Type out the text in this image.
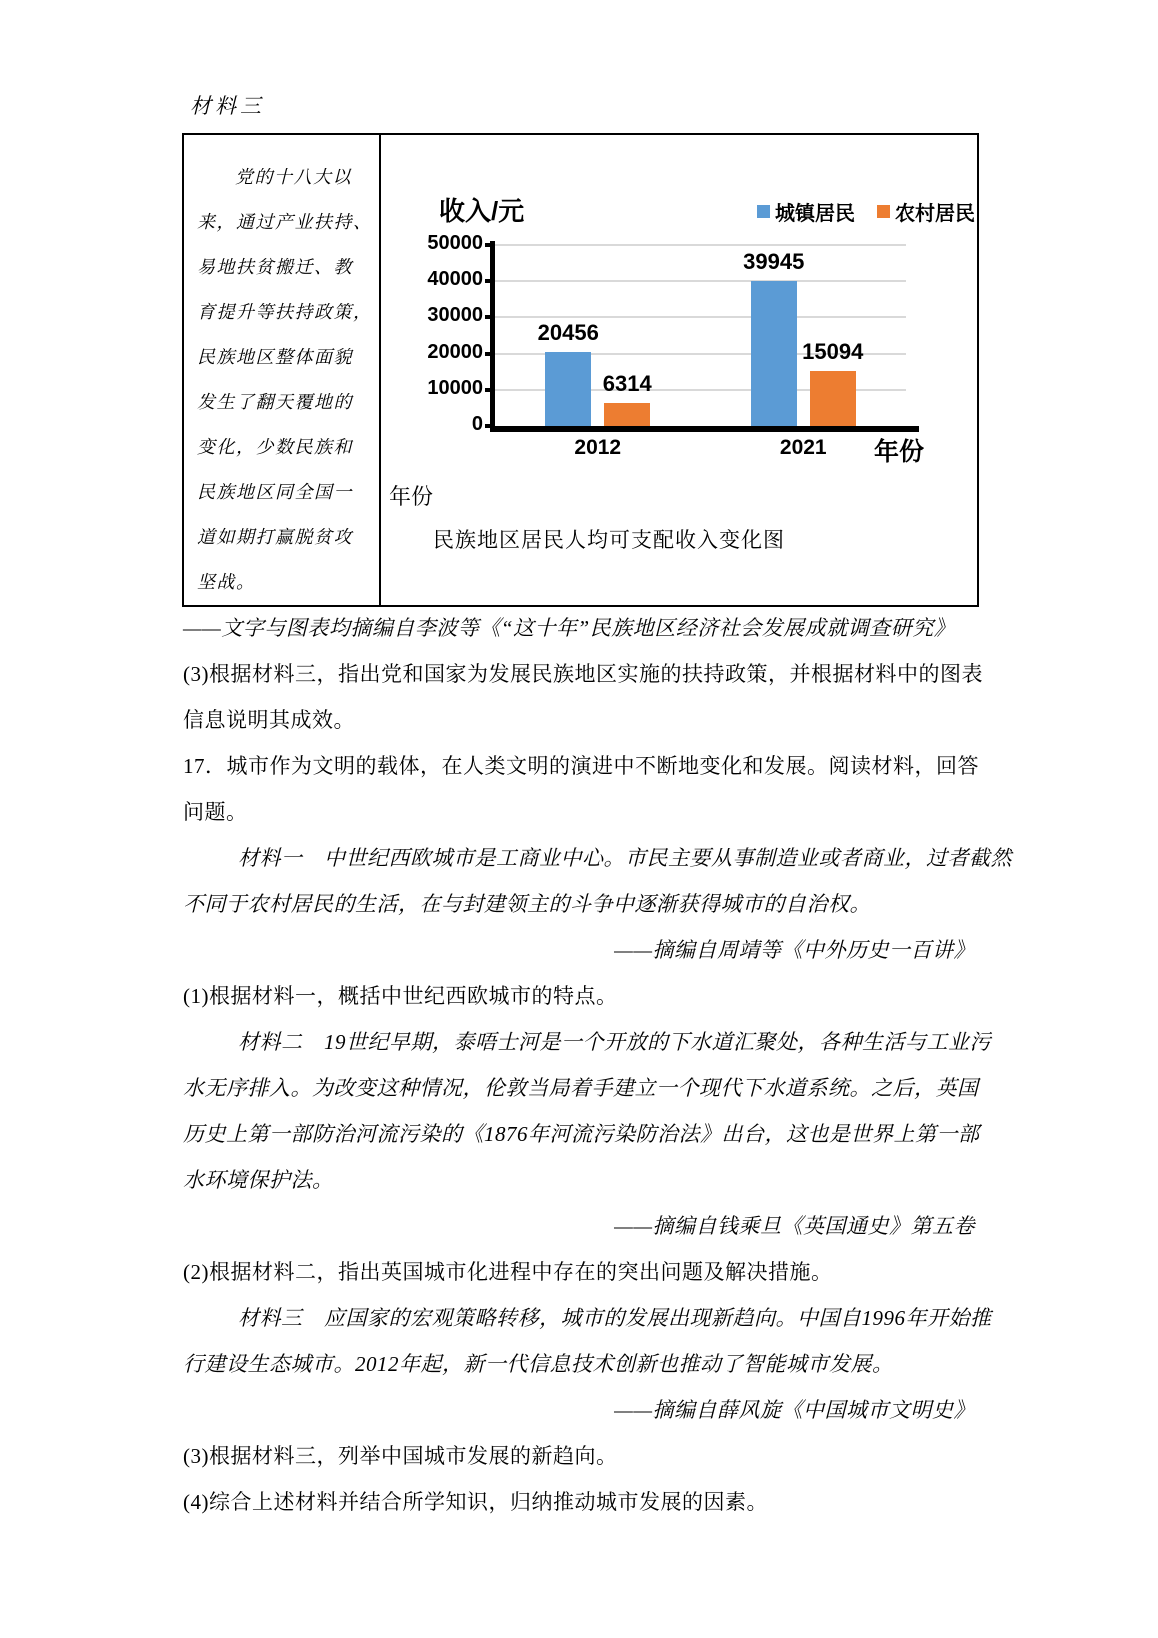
材料三
党的十八大以
来，通过产业扶持、
易地扶贫搬迁、教
育提升等扶持政策，
民族地区整体面貌
发生了翻天覆地的
变化，少数民族和
民族地区同全国一
道如期打赢脱贫攻
坚战。
收入/元	城镇居民 农村居民
0
10000
20000
30000
40000
50000
20456
6314
2012
39945
15094
2021	年份
年份
民族地区居民人均可支配收入变化图
——文字与图表均摘编自李波等《“这十年”民族地区经济社会发展成就调查研究》
(3)根据材料三，指出党和国家为发展民族地区实施的扶持政策，并根据材料中的图表
信息说明其成效。
17．城市作为文明的载体，在人类文明的演进中不断地变化和发展。阅读材料，回答
问题。
材料一　中世纪西欧城市是工商业中心。市民主要从事制造业或者商业，过者截然
不同于农村居民的生活，在与封建领主的斗争中逐渐获得城市的自治权。
——摘编自周靖等《中外历史一百讲》
(1)根据材料一，概括中世纪西欧城市的特点。
材料二　19世纪早期，泰唔士河是一个开放的下水道汇聚处，各种生活与工业污
水无序排入。为改变这种情况，伦敦当局着手建立一个现代下水道系统。之后，英国
历史上第一部防治河流污染的《1876年河流污染防治法》出台，这也是世界上第一部
水环境保护法。
——摘编自钱乘旦《英国通史》第五卷
(2)根据材料二，指出英国城市化进程中存在的突出问题及解决措施。
材料三　应国家的宏观策略转移，城市的发展出现新趋向。中国自1996年开始推
行建设生态城市。2012年起，新一代信息技术创新也推动了智能城市发展。
——摘编自薛风旋《中国城市文明史》
(3)根据材料三，列举中国城市发展的新趋向。
(4)综合上述材料并结合所学知识，归纳推动城市发展的因素。
